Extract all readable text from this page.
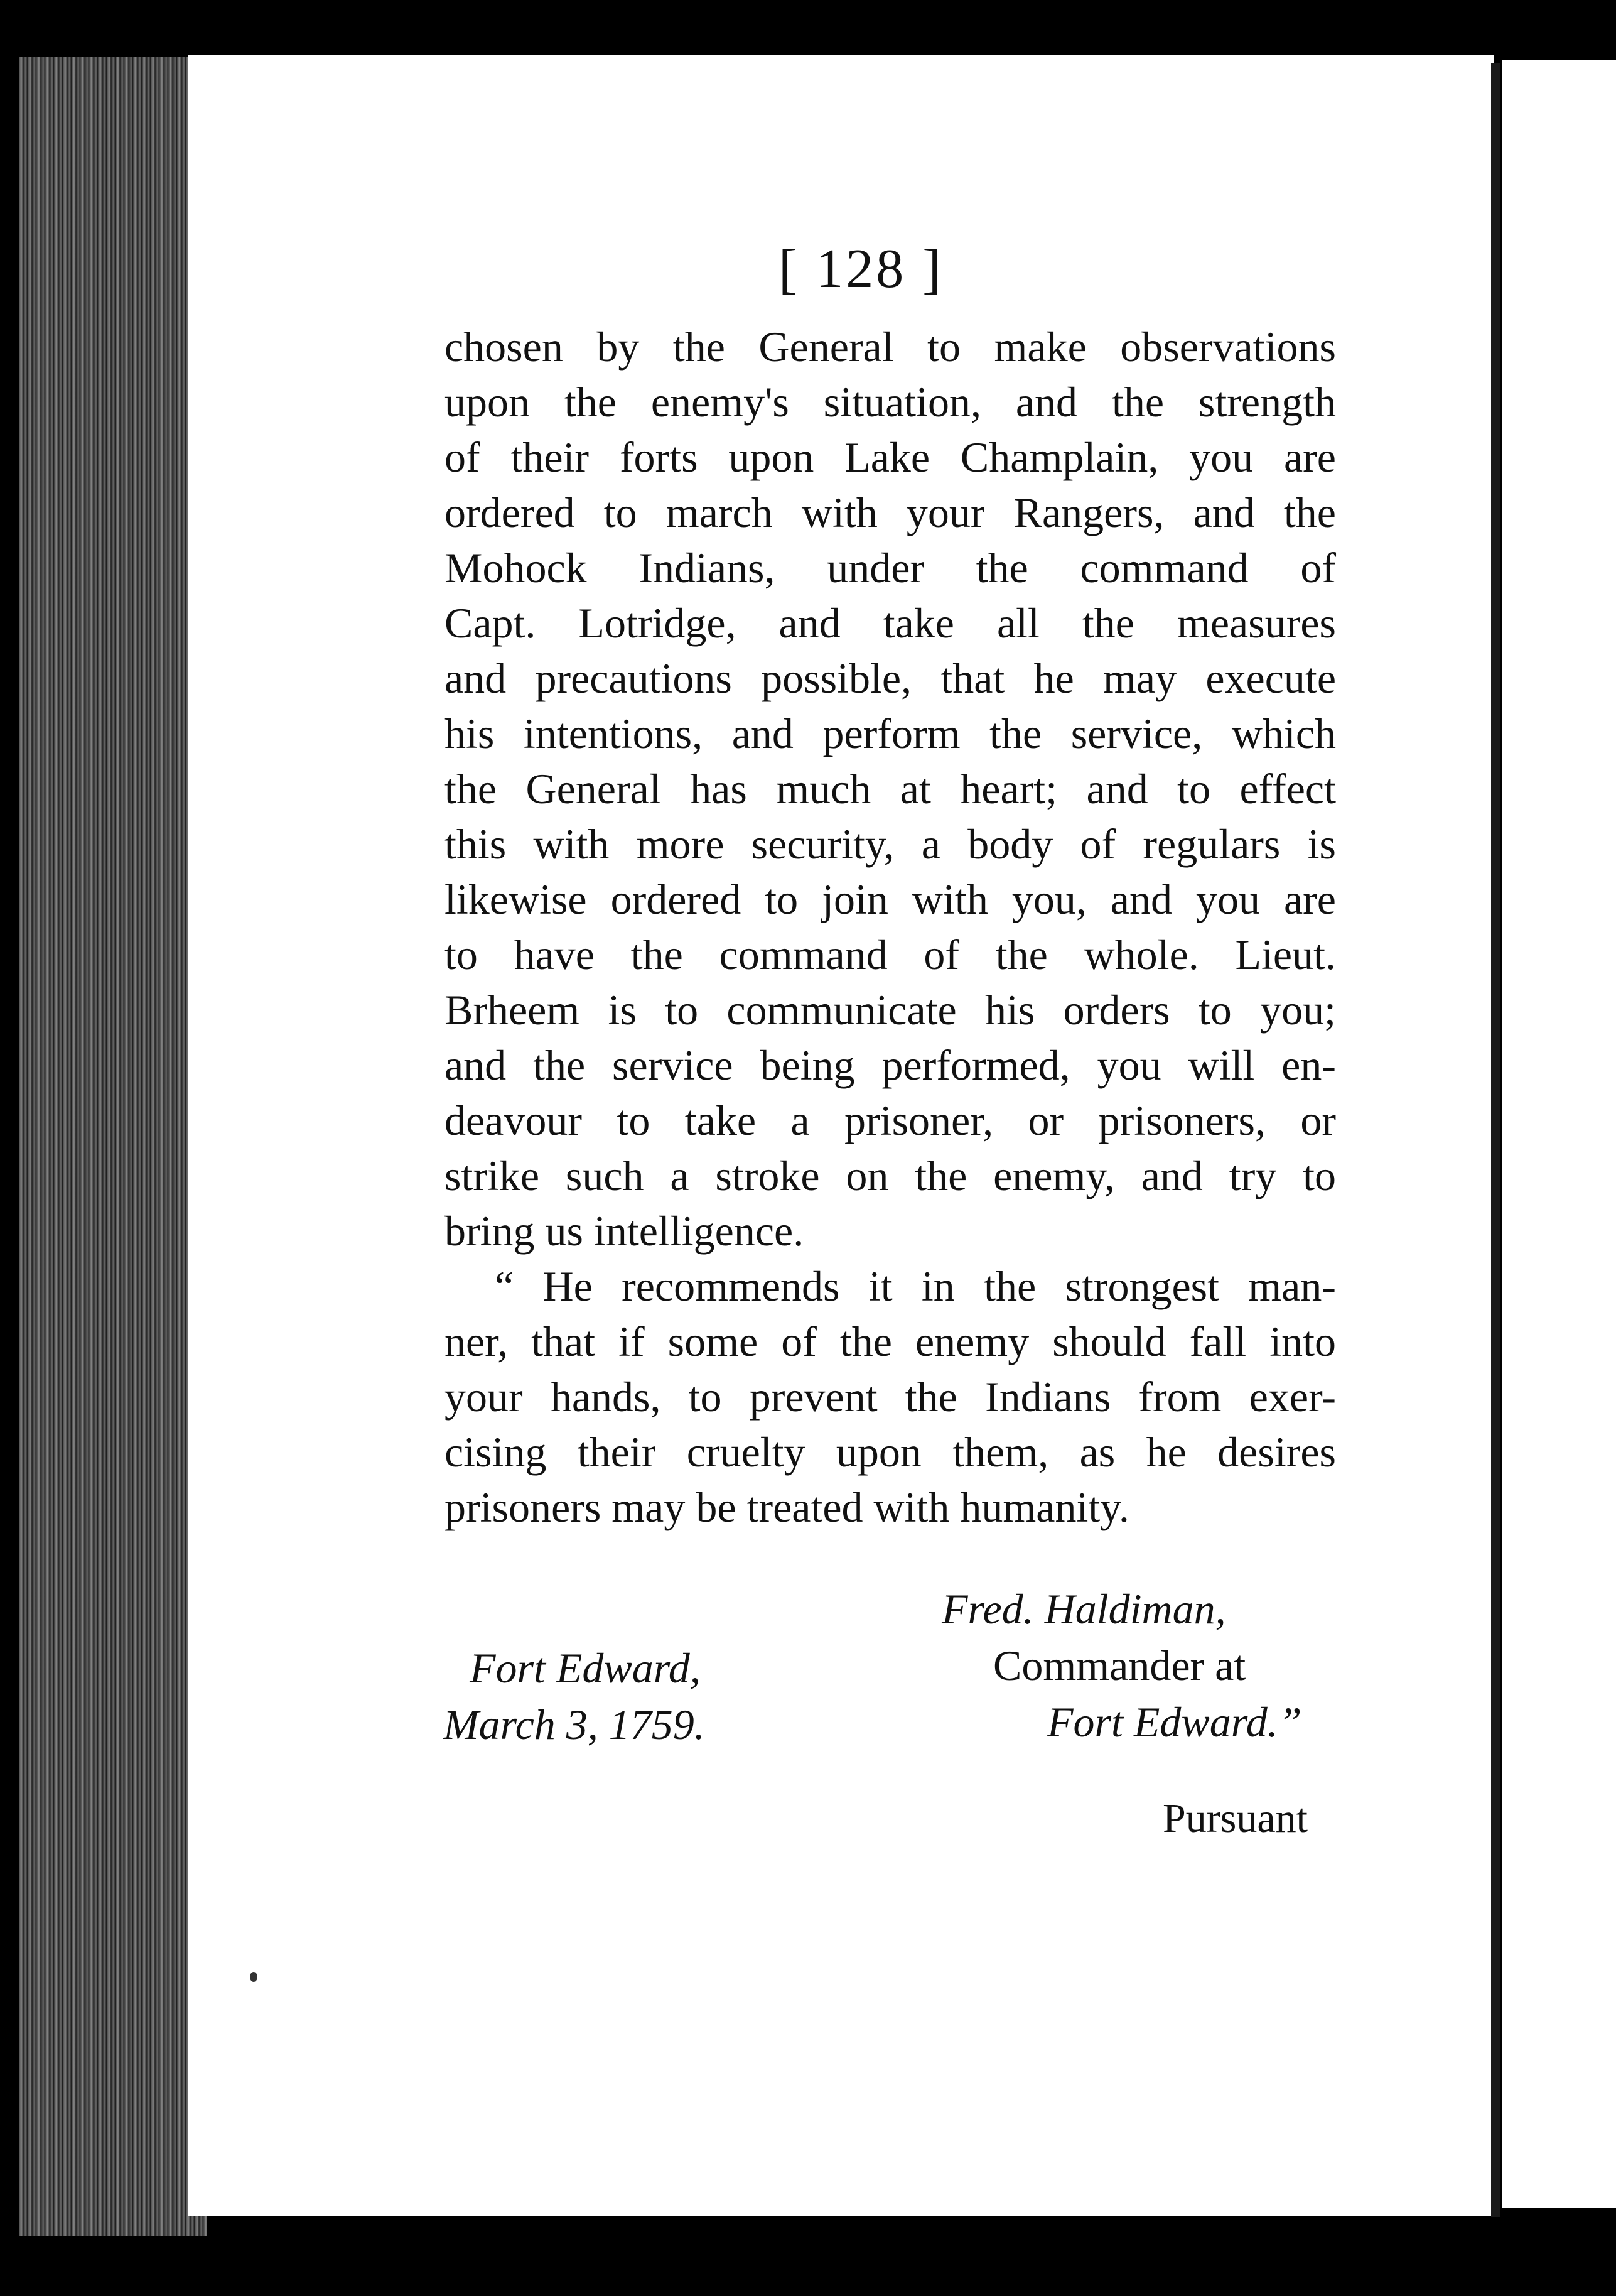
[ 128 ]
chosen by the General to make observations
upon the enemy's situation, and the strength
of their forts upon Lake Champlain, you are
ordered to march with your Rangers, and the
Mohock Indians, under the command of
Capt. Lotridge, and take all the measures
and precautions possible, that he may execute
his intentions, and perform the service, which
the General has much at heart; and to effect
this with more security, a body of regulars is
likewise ordered to join with you, and you are
to have the command of the whole. Lieut.
Brheem is to communicate his orders to you;
and the service being performed, you will en-
deavour to take a prisoner, or prisoners, or
strike such a stroke on the enemy, and try to
bring us intelligence.
“ He recommends it in the strongest man-
ner, that if some of the enemy should fall into
your hands, to prevent the Indians from exer-
cising their cruelty upon them, as he desires
prisoners may be treated with humanity.
Fred. Haldiman,
Commander at
Fort Edward.”
Fort Edward,
March 3, 1759.
Pursuant
